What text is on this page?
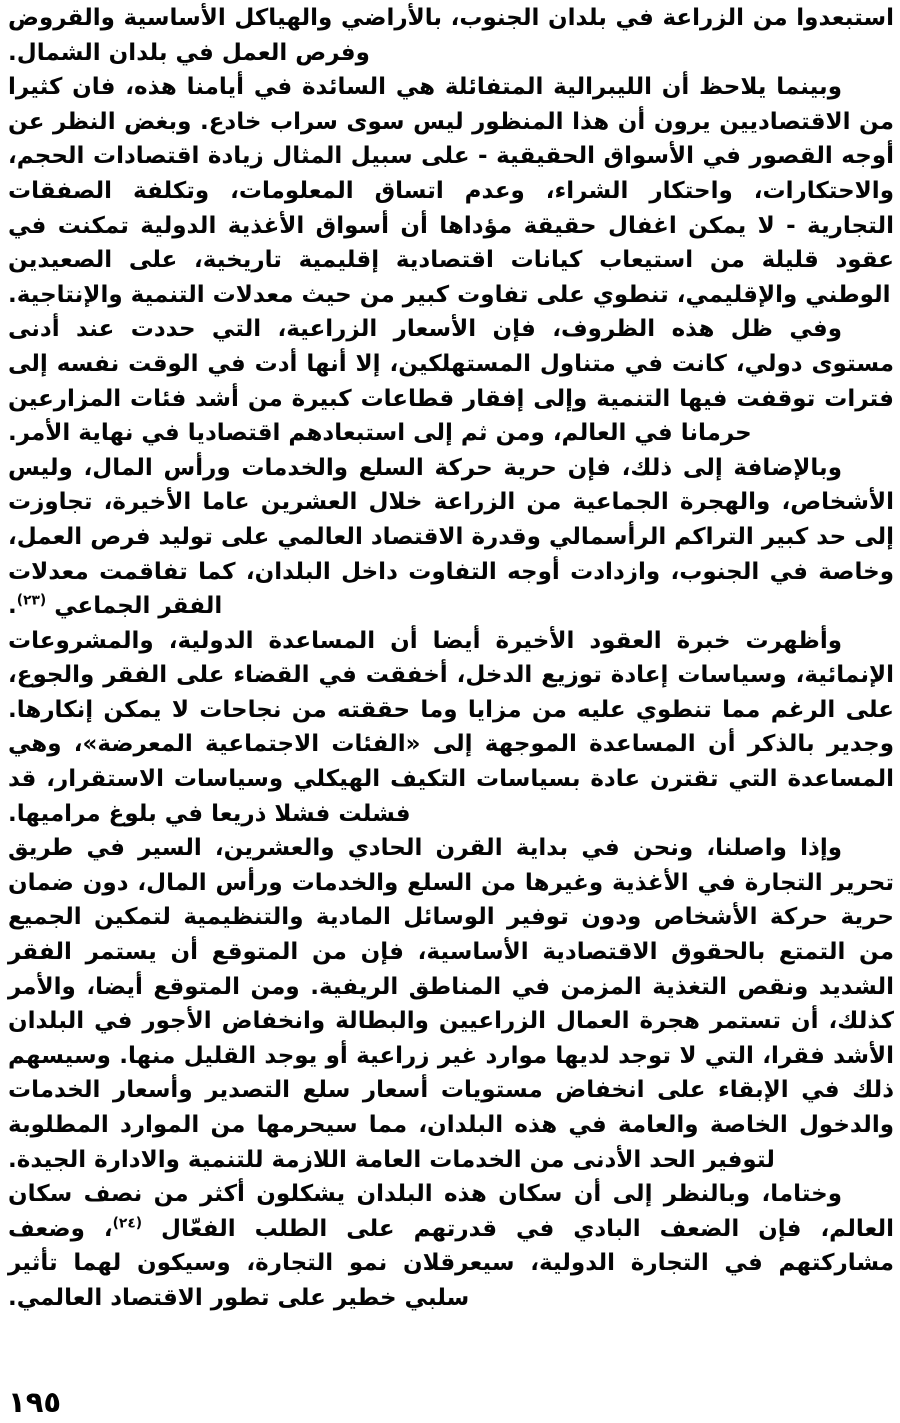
استبعدوا من الزراعة في بلدان الجنوب، بالأراضي والهياكل الأساسية والقروض وفرص العمل في بلدان الشمال.

وبينما يلاحظ أن الليبرالية المتفائلة هي السائدة في أيامنا هذه، فان كثيرا من الاقتصاديين يرون أن هذا المنظور ليس سوى سراب خادع. وبغض النظر عن أوجه القصور في الأسواق الحقيقية - على سبيل المثال زيادة اقتصادات الحجم، والاحتكارات، واحتكار الشراء، وعدم اتساق المعلومات، وتكلفة الصفقات التجارية - لا يمكن اغفال حقيقة مؤداها أن أسواق الأغذية الدولية تمكنت في عقود قليلة من استيعاب كيانات اقتصادية إقليمية تاريخية، على الصعيدين الوطني والإقليمي، تنطوي على تفاوت كبير من حيث معدلات التنمية والإنتاجية.

وفي ظل هذه الظروف، فإن الأسعار الزراعية، التي حددت عند أدنى مستوى دولي، كانت في متناول المستهلكين، إلا أنها أدت في الوقت نفسه إلى فترات توقفت فيها التنمية وإلى إفقار قطاعات كبيرة من أشد فئات المزارعين حرمانا في العالم، ومن ثم إلى استبعادهم اقتصاديا في نهاية الأمر.

وبالإضافة إلى ذلك، فإن حرية حركة السلع والخدمات ورأس المال، وليس الأشخاص، والهجرة الجماعية من الزراعة خلال العشرين عاما الأخيرة، تجاوزت إلى حد كبير التراكم الرأسمالي وقدرة الاقتصاد العالمي على توليد فرص العمل، وخاصة في الجنوب، وازدادت أوجه التفاوت داخل البلدان، كما تفاقمت معدلات الفقر الجماعي $^{(٢٣)}$.

وأظهرت خبرة العقود الأخيرة أيضا أن المساعدة الدولية، والمشروعات الإنمائية، وسياسات إعادة توزيع الدخل، أخفقت في القضاء على الفقر والجوع، على الرغم مما تنطوي عليه من مزايا وما حققته من نجاحات لا يمكن إنكارها. وجدير بالذكر أن المساعدة الموجهة إلى «الفئات الاجتماعية المعرضة»، وهي المساعدة التي تقترن عادة بسياسات التكيف الهيكلي وسياسات الاستقرار، قد فشلت فشلا ذريعا في بلوغ مراميها.

وإذا واصلنا، ونحن في بداية القرن الحادي والعشرين، السير في طريق تحرير التجارة في الأغذية وغيرها من السلع والخدمات ورأس المال، دون ضمان حرية حركة الأشخاص ودون توفير الوسائل المادية والتنظيمية لتمكين الجميع من التمتع بالحقوق الاقتصادية الأساسية، فإن من المتوقع أن يستمر الفقر الشديد ونقص التغذية المزمن في المناطق الريفية. ومن المتوقع أيضا، والأمر كذلك، أن تستمر هجرة العمال الزراعيين والبطالة وانخفاض الأجور في البلدان الأشد فقرا، التي لا توجد لديها موارد غير زراعية أو يوجد القليل منها. وسيسهم ذلك في الإبقاء على انخفاض مستويات أسعار سلع التصدير وأسعار الخدمات والدخول الخاصة والعامة في هذه البلدان، مما سيحرمها من الموارد المطلوبة لتوفير الحد الأدنى من الخدمات العامة اللازمة للتنمية والادارة الجيدة.

وختاما، وبالنظر إلى أن سكان هذه البلدان يشكلون أكثر من نصف سكان العالم، فإن الضعف البادي في قدرتهم على الطلب الفعّال $^{(٢٤)}$، وضعف مشاركتهم في التجارة الدولية، سيعرقلان نمو التجارة، وسيكون لهما تأثير سلبي خطير على تطور الاقتصاد العالمي.

١٩٥
